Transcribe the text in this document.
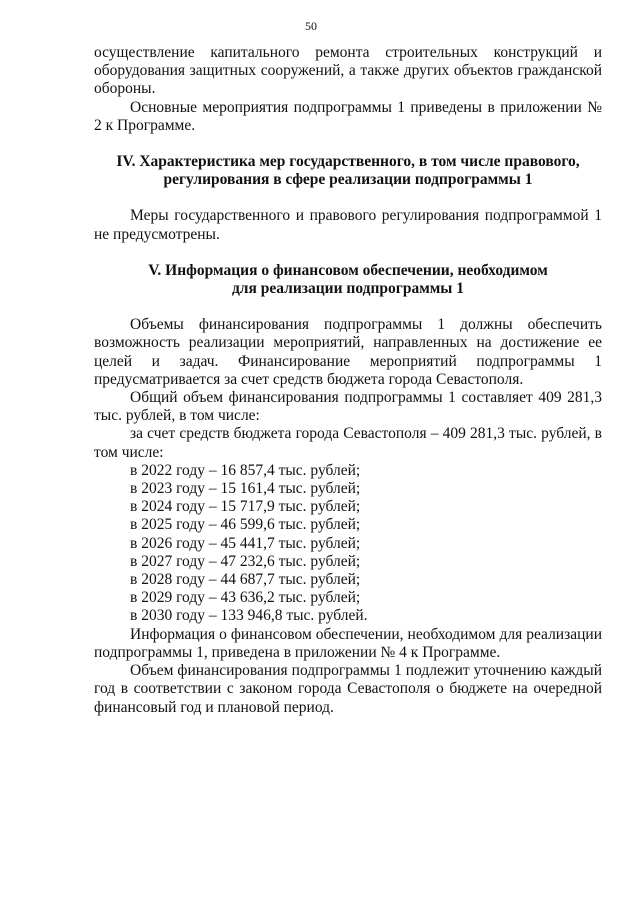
50

осуществление капитального ремонта строительных конструкций и оборудования защитных сооружений, а также других объектов гражданской обороны.

Основные мероприятия подпрограммы 1 приведены в приложении № 2 к Программе.

IV. Характеристика мер государственного, в том числе правового,

регулирования в сфере реализации подпрограммы 1

Меры государственного и правового регулирования подпрограммой 1 не предусмотрены.

V. Информация о финансовом обеспечении, необходимом

для реализации подпрограммы 1

Объемы финансирования подпрограммы 1 должны обеспечить возможность реализации мероприятий, направленных на достижение ее целей и задач. Финансирование мероприятий подпрограммы 1 предусматривается за счет средств бюджета города Севастополя.

Общий объем финансирования подпрограммы 1 составляет 409 281,3 тыс. рублей, в том числе:

за счет средств бюджета города Севастополя – 409 281,3 тыс. рублей, в том числе:

в 2022 году – 16 857,4 тыс. рублей;
в 2023 году – 15 161,4 тыс. рублей;
в 2024 году – 15 717,9 тыс. рублей;
в 2025 году – 46 599,6 тыс. рублей;
в 2026 году – 45 441,7 тыс. рублей;
в 2027 году – 47 232,6 тыс. рублей;
в 2028 году – 44 687,7 тыс. рублей;
в 2029 году – 43 636,2 тыс. рублей;
в 2030 году – 133 946,8 тыс. рублей.

Информация о финансовом обеспечении, необходимом для реализации подпрограммы 1, приведена в приложении № 4 к Программе.

Объем финансирования подпрограммы 1 подлежит уточнению каждый год в соответствии с законом города Севастополя о бюджете на очередной финансовый год и плановой период.
